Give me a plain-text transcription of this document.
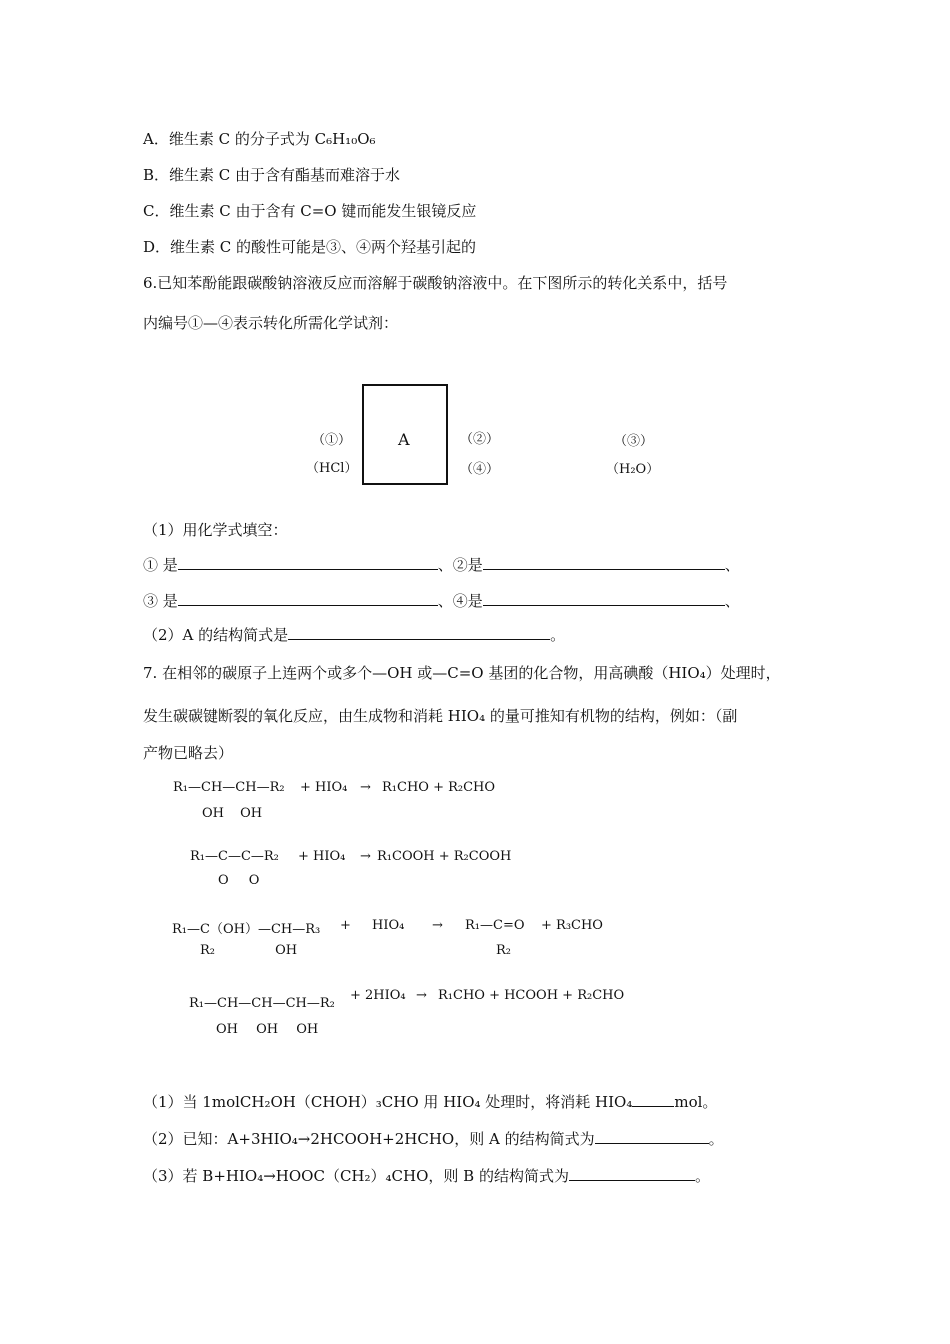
A．维生素 C 的分子式为 C₆H₁₀O₆
B．维生素 C 由于含有酯基而难溶于水
C．维生素 C 由于含有 C=O 键而能发生银镜反应
D．维生素 C 的酸性可能是③、④两个羟基引起的
6.已知苯酚能跟碳酸钠溶液反应而溶解于碳酸钠溶液中。在下图所示的转化关系中，括号
内编号①—④表示转化所需化学试剂：
A
（①）
（HCl）
（②）
（④）
（③）
（H₂O）
（1）用化学式填空：
① 是	、②是	、
③ 是	、④是	、
（2）A 的结构简式是	。
7. 在相邻的碳原子上连两个或多个—OH 或—C=O 基团的化合物，用高碘酸（HIO₄）处理时，
发生碳碳键断裂的氧化反应，由生成物和消耗 HIO₄ 的量可推知有机物的结构，例如：（副
产物已略去）
R₁—CH—CH—R₂
OH OH
+ HIO₄ → R₁CHO + R₂CHO
R₁—C—C—R₂
O O
+ HIO₄ → R₁COOH + R₂COOH
R₁—C（OH）—CH—R₃
R₂ OH
+ HIO₄ → R₁—C=O
R₂
+ R₃CHO
R₁—CH—CH—CH—R₂
OH OH OH
+ 2HIO₄ → R₁CHO + HCOOH + R₂CHO
（1）当 1molCH₂OH（CHOH）₃CHO 用 HIO₄ 处理时，将消耗 HIO₄	mol。
（2）已知：A+3HIO₄→2HCOOH+2HCHO，则 A 的结构简式为	。
（3）若 B+HIO₄→HOOC（CH₂）₄CHO，则 B 的结构简式为	。
